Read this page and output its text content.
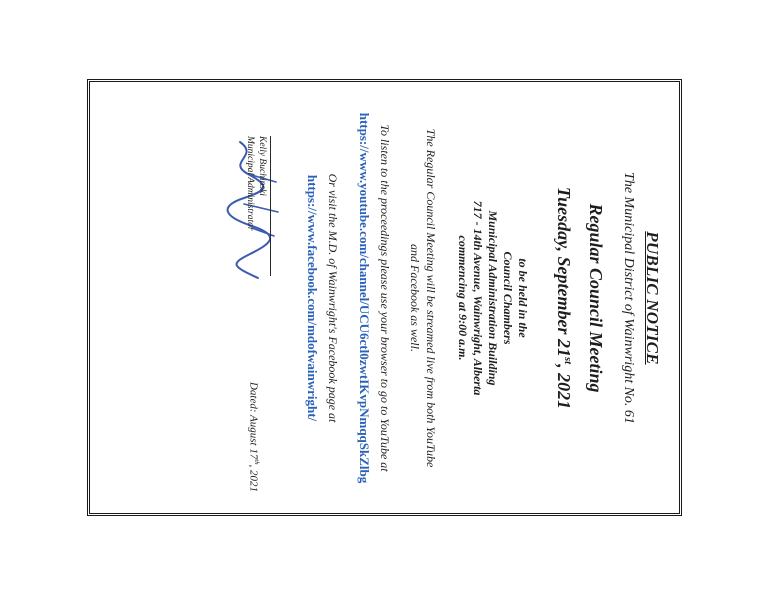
PUBLIC NOTICE
The Municipal District of Wainwright No. 61
Regular Council Meeting
Tuesday, September 21st, 2021
to be held in the
Council Chambers
Municipal Administration Building
717 - 14th Avenue, Wainwright, Alberta
commencing at 9:00 a.m.
The Regular Council Meeting will be streamed live from both YouTube
and Facebook as well.
To listen to the proceedings please use your browser to go to YouTube at
https://www.youtube.com/channel/UCU6ctl0zwtIKvpNmqqSkZlbg
Or visit the M.D. of Wainwright's Facebook page at
https://www.facebook.com/mdofwainwright/
Kelly Buchinski
Municipal Administrator
Dated: August 17th, 2021
